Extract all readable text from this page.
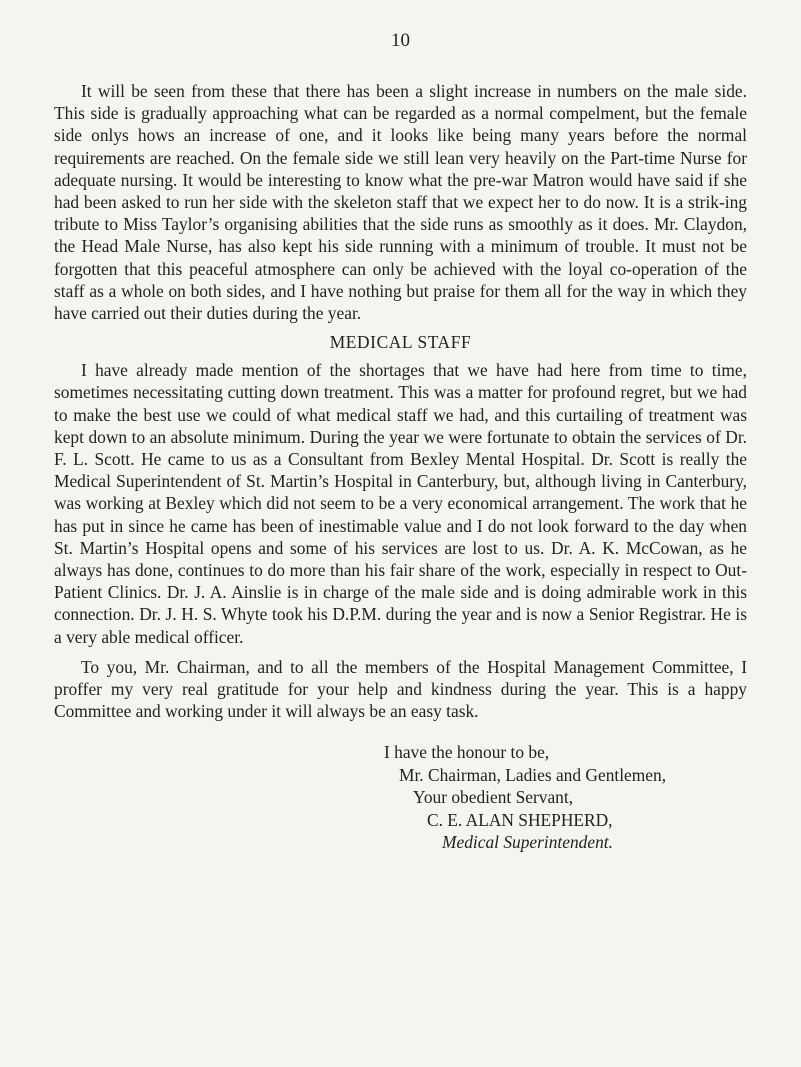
10

It will be seen from these that there has been a slight increase in numbers on the male side. This side is gradually approaching what can be regarded as a normal compelment, but the female side onlys hows an increase of one, and it looks like being many years before the normal requirements are reached. On the female side we still lean very heavily on the Part-time Nurse for adequate nursing. It would be interesting to know what the pre-war Matron would have said if she had been asked to run her side with the skeleton staff that we expect her to do now. It is a strik-ing tribute to Miss Taylor’s organising abilities that the side runs as smoothly as it does. Mr. Claydon, the Head Male Nurse, has also kept his side running with a minimum of trouble. It must not be forgotten that this peaceful atmosphere can only be achieved with the loyal co-operation of the staff as a whole on both sides, and I have nothing but praise for them all for the way in which they have carried out their duties during the year.

MEDICAL STAFF

I have already made mention of the shortages that we have had here from time to time, sometimes necessitating cutting down treatment. This was a matter for profound regret, but we had to make the best use we could of what medical staff we had, and this curtailing of treatment was kept down to an absolute minimum. During the year we were fortunate to obtain the services of Dr. F. L. Scott. He came to us as a Consultant from Bexley Mental Hospital. Dr. Scott is really the Medical Superintendent of St. Martin’s Hospital in Canterbury, but, although living in Canterbury, was working at Bexley which did not seem to be a very economical arrangement. The work that he has put in since he came has been of inestimable value and I do not look forward to the day when St. Martin’s Hospital opens and some of his services are lost to us. Dr. A. K. McCowan, as he always has done, continues to do more than his fair share of the work, especially in respect to Out-Patient Clinics. Dr. J. A. Ainslie is in charge of the male side and is doing admirable work in this connection. Dr. J. H. S. Whyte took his D.P.M. during the year and is now a Senior Registrar. He is a very able medical officer.

To you, Mr. Chairman, and to all the members of the Hospital Management Committee, I proffer my very real gratitude for your help and kindness during the year. This is a happy Committee and working under it will always be an easy task.

I have the honour to be,
Mr. Chairman, Ladies and Gentlemen,
Your obedient Servant,
C. E. ALAN SHEPHERD,
Medical Superintendent.
